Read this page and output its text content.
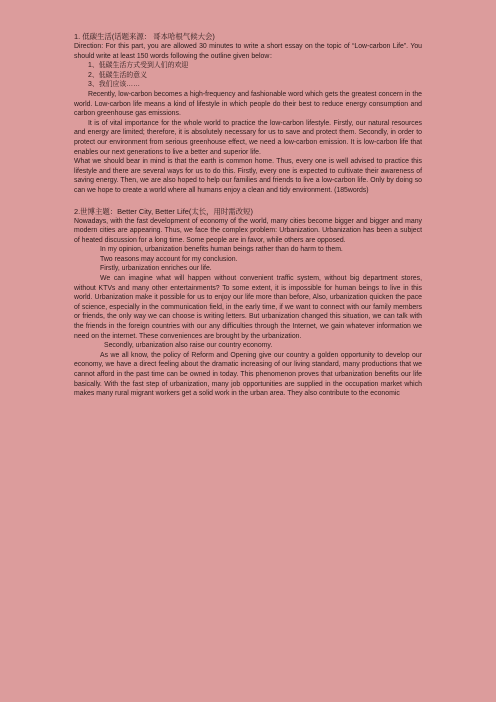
1. 低碳生活(话题来源： 哥本哈根气候大会)

Direction: For this part, you are allowed 30 minutes to write a short essay on the topic of “Low-carbon Life”. You should write at least 150 words following the outline given below：

1、低碳生活方式受到人们的欢迎

2、低碳生活的意义

3、我们应该……

Recently, low-carbon becomes a high-frequency and fashionable word which gets the greatest concern in the world. Low-carbon life means a kind of lifestyle in which people do their best to reduce energy consumption and carbon greenhouse gas emissions.

It is of vital importance for the whole world to practice the low-carbon lifestyle. Firstly, our natural resources and energy are limited; therefore, it is absolutely necessary for us to save and protect them. Secondly, in order to protect our environment from serious greenhouse effect, we need a low-carbon emission. It is low-carbon life that enables our next generations to live a better and superior life.

What we should bear in mind is that the earth is common home. Thus, every one is well advised to practice this lifestyle and there are several ways for us to do this. Firstly, every one is expected to cultivate their awareness of saving energy. Then, we are also hoped to help our families and friends to live a low-carbon life. Only by doing so can we hope to create a world where all humans enjoy a clean and tidy environment. (185words)

2.世博主题：Better City, Better Life(太长，用时需改短)

Nowadays, with the fast development of economy of the world, many cities become bigger and bigger and many modern cities are appearing. Thus, we face the complex problem: Urbanization. Urbanization has been a subject of heated discussion for a long time. Some people are in favor, while others are opposed.

In my opinion, urbanization benefits human beings rather than do harm to them.

Two reasons may account for my conclusion.

Firstly, urbanization enriches our life.

We can imagine what will happen without convenient traffic system, without big department stores, without KTVs and many other entertainments? To some extent, it is impossible for human beings to live in this world. Urbanization make it possible for us to enjoy our life more than before, Also, urbanization quicken the pace of science, especially in the communication field, in the early time, if we want to connect with our family members or friends, the only way we can choose is writing letters. But urbanization changed this situation, we can talk with the friends in the foreign countries with our any difficulties through the Internet, we gain whatever information we need on the internet. These conveniences are brought by the urbanization.

Secondly, urbanization also raise our country economy.

As we all know, the policy of Reform and Opening give our country a golden opportunity to develop our economy, we have a direct feeling about the dramatic increasing of our living standard, many productions that we cannot afford in the past time can be owned in today. This phenomenon proves that urbanization benefits our life basically. With the fast step of urbanization, many job opportunities are supplied in the occupation market which makes many rural migrant workers get a solid work in the urban area. They also contribute to the economic
